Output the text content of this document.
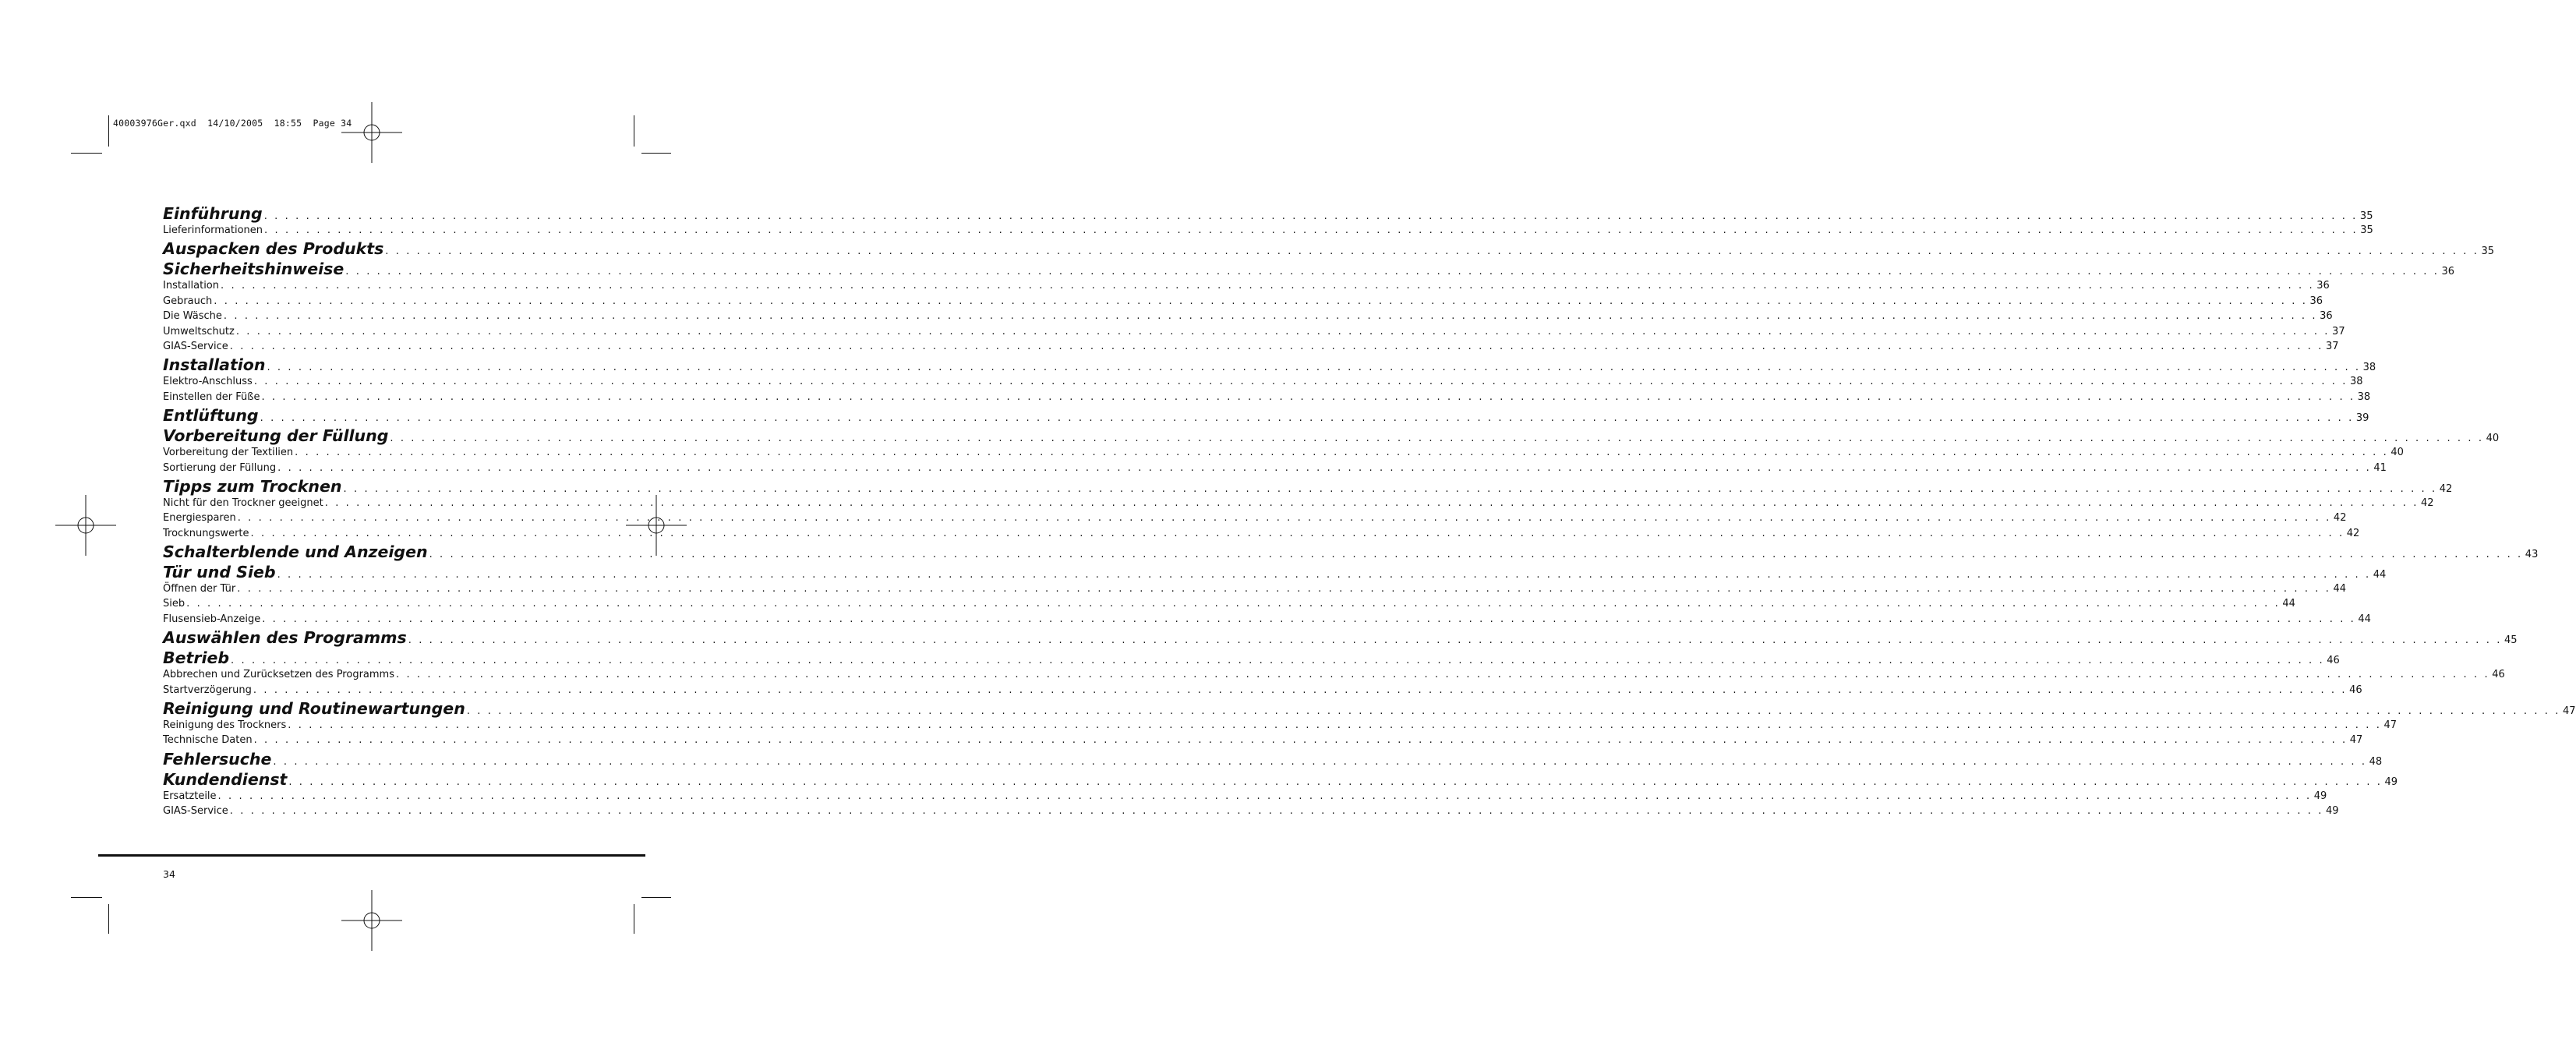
40003976Ger.qxd  14/10/2005  18:55  Page 34
Einführung . . . . . . . . . . . . . . . . . . . . . . . . . . . . . . . . . . . . . . . . . . . . . . . . . . . . . . . . . . . . . . . . . . . . . . . . . . . . . . . . . . . . . . . . . . . . . . . . . . . . . . . . . . . . . . . . . . . . . . . . . . . . . . . . . . . . . . . . . . . . . . . . . . . . . . . . . . . . . . . . . . . . . . . . . . . . . . . . . . . . . . . . . . . . . . . . . . . . . . . . 35
Lieferinformationen . . . . . . . . . . . . . . . . . . . . . . . . . . . . . . . . . . . . . . . . . . . . . . . . . . . . . . . . . . . . . . . . . . . . . . . . . . . . . . . . . . . . . . . . . . . . . . . . . . . . . . . . . . . . . . . . . . . . . . . . . . . . . . . . . . . . . . . . . . . . . . . . . . . . . . . . . . . . . . . . . . . . . . . . . . . . . . . . . . . . . . . . . . . . . . . . . . . . . . . . 35
Auspacken des Produkts . . . . . . . . . . . . . . . . . . . . . . . . . . . . . . . . . . . . . . . . . . . . . . . . . . . . . . . . . . . . . . . . . . . . . . . . . . . . . . . . . . . . . . . . . . . . . . . . . . . . . . . . . . . . . . . . . . . . . . . . . . . . . . . . . . . . . . . . . . . . . . . . . . . . . . . . . . . . . . . . . . . . . . . . . . . . . . . . . . . . . . . . . . . . . . . . . . . . . . . . 35
Sicherheitshinweise . . . . . . . . . . . . . . . . . . . . . . . . . . . . . . . . . . . . . . . . . . . . . . . . . . . . . . . . . . . . . . . . . . . . . . . . . . . . . . . . . . . . . . . . . . . . . . . . . . . . . . . . . . . . . . . . . . . . . . . . . . . . . . . . . . . . . . . . . . . . . . . . . . . . . . . . . . . . . . . . . . . . . . . . . . . . . . . . . . . . . . . . . . . . . . . . . . . . . . . . 36
Installation . . . . . . . . . . . . . . . . . . . . . . . . . . . . . . . . . . . . . . . . . . . . . . . . . . . . . . . . . . . . . . . . . . . . . . . . . . . . . . . . . . . . . . . . . . . . . . . . . . . . . . . . . . . . . . . . . . . . . . . . . . . . . . . . . . . . . . . . . . . . . . . . . . . . . . . . . . . . . . . . . . . . . . . . . . . . . . . . . . . . . . . . . . . . . . . . . . . . . . . . 36
Gebrauch . . . . . . . . . . . . . . . . . . . . . . . . . . . . . . . . . . . . . . . . . . . . . . . . . . . . . . . . . . . . . . . . . . . . . . . . . . . . . . . . . . . . . . . . . . . . . . . . . . . . . . . . . . . . . . . . . . . . . . . . . . . . . . . . . . . . . . . . . . . . . . . . . . . . . . . . . . . . . . . . . . . . . . . . . . . . . . . . . . . . . . . . . . . . . . . . . . . . . . . . 36
Die Wäsche . . . . . . . . . . . . . . . . . . . . . . . . . . . . . . . . . . . . . . . . . . . . . . . . . . . . . . . . . . . . . . . . . . . . . . . . . . . . . . . . . . . . . . . . . . . . . . . . . . . . . . . . . . . . . . . . . . . . . . . . . . . . . . . . . . . . . . . . . . . . . . . . . . . . . . . . . . . . . . . . . . . . . . . . . . . . . . . . . . . . . . . . . . . . . . . . . . . . . . . . 36
Umweltschutz . . . . . . . . . . . . . . . . . . . . . . . . . . . . . . . . . . . . . . . . . . . . . . . . . . . . . . . . . . . . . . . . . . . . . . . . . . . . . . . . . . . . . . . . . . . . . . . . . . . . . . . . . . . . . . . . . . . . . . . . . . . . . . . . . . . . . . . . . . . . . . . . . . . . . . . . . . . . . . . . . . . . . . . . . . . . . . . . . . . . . . . . . . . . . . . . . . . . . . . . 37
GIAS-Service . . . . . . . . . . . . . . . . . . . . . . . . . . . . . . . . . . . . . . . . . . . . . . . . . . . . . . . . . . . . . . . . . . . . . . . . . . . . . . . . . . . . . . . . . . . . . . . . . . . . . . . . . . . . . . . . . . . . . . . . . . . . . . . . . . . . . . . . . . . . . . . . . . . . . . . . . . . . . . . . . . . . . . . . . . . . . . . . . . . . . . . . . . . . . . . . . . . . . . . . 37
Installation . . . . . . . . . . . . . . . . . . . . . . . . . . . . . . . . . . . . . . . . . . . . . . . . . . . . . . . . . . . . . . . . . . . . . . . . . . . . . . . . . . . . . . . . . . . . . . . . . . . . . . . . . . . . . . . . . . . . . . . . . . . . . . . . . . . . . . . . . . . . . . . . . . . . . . . . . . . . . . . . . . . . . . . . . . . . . . . . . . . . . . . . . . . . . . . . . . . . . . . . 38
Elektro-Anschluss . . . . . . . . . . . . . . . . . . . . . . . . . . . . . . . . . . . . . . . . . . . . . . . . . . . . . . . . . . . . . . . . . . . . . . . . . . . . . . . . . . . . . . . . . . . . . . . . . . . . . . . . . . . . . . . . . . . . . . . . . . . . . . . . . . . . . . . . . . . . . . . . . . . . . . . . . . . . . . . . . . . . . . . . . . . . . . . . . . . . . . . . . . . . . . . . . . . . . . . . 38
Einstellen der Füße . . . . . . . . . . . . . . . . . . . . . . . . . . . . . . . . . . . . . . . . . . . . . . . . . . . . . . . . . . . . . . . . . . . . . . . . . . . . . . . . . . . . . . . . . . . . . . . . . . . . . . . . . . . . . . . . . . . . . . . . . . . . . . . . . . . . . . . . . . . . . . . . . . . . . . . . . . . . . . . . . . . . . . . . . . . . . . . . . . . . . . . . . . . . . . . . . . . . . . . . 38
Entlüftung . . . . . . . . . . . . . . . . . . . . . . . . . . . . . . . . . . . . . . . . . . . . . . . . . . . . . . . . . . . . . . . . . . . . . . . . . . . . . . . . . . . . . . . . . . . . . . . . . . . . . . . . . . . . . . . . . . . . . . . . . . . . . . . . . . . . . . . . . . . . . . . . . . . . . . . . . . . . . . . . . . . . . . . . . . . . . . . . . . . . . . . . . . . . . . . . . . . . . . . . 39
Vorbereitung der Füllung . . . . . . . . . . . . . . . . . . . . . . . . . . . . . . . . . . . . . . . . . . . . . . . . . . . . . . . . . . . . . . . . . . . . . . . . . . . . . . . . . . . . . . . . . . . . . . . . . . . . . . . . . . . . . . . . . . . . . . . . . . . . . . . . . . . . . . . . . . . . . . . . . . . . . . . . . . . . . . . . . . . . . . . . . . . . . . . . . . . . . . . . . . . . . . . . . . . . . . . . 40
Vorbereitung der Textilien . . . . . . . . . . . . . . . . . . . . . . . . . . . . . . . . . . . . . . . . . . . . . . . . . . . . . . . . . . . . . . . . . . . . . . . . . . . . . . . . . . . . . . . . . . . . . . . . . . . . . . . . . . . . . . . . . . . . . . . . . . . . . . . . . . . . . . . . . . . . . . . . . . . . . . . . . . . . . . . . . . . . . . . . . . . . . . . . . . . . . . . . . . . . . . . . . . . . . . . . 40
Sortierung der Füllung . . . . . . . . . . . . . . . . . . . . . . . . . . . . . . . . . . . . . . . . . . . . . . . . . . . . . . . . . . . . . . . . . . . . . . . . . . . . . . . . . . . . . . . . . . . . . . . . . . . . . . . . . . . . . . . . . . . . . . . . . . . . . . . . . . . . . . . . . . . . . . . . . . . . . . . . . . . . . . . . . . . . . . . . . . . . . . . . . . . . . . . . . . . . . . . . . . . . . . . . 41
Tipps zum Trocknen . . . . . . . . . . . . . . . . . . . . . . . . . . . . . . . . . . . . . . . . . . . . . . . . . . . . . . . . . . . . . . . . . . . . . . . . . . . . . . . . . . . . . . . . . . . . . . . . . . . . . . . . . . . . . . . . . . . . . . . . . . . . . . . . . . . . . . . . . . . . . . . . . . . . . . . . . . . . . . . . . . . . . . . . . . . . . . . . . . . . . . . . . . . . . . . . . . . . . . . . 42
Nicht für den Trockner geeignet . . . . . . . . . . . . . . . . . . . . . . . . . . . . . . . . . . . . . . . . . . . . . . . . . . . . . . . . . . . . . . . . . . . . . . . . . . . . . . . . . . . . . . . . . . . . . . . . . . . . . . . . . . . . . . . . . . . . . . . . . . . . . . . . . . . . . . . . . . . . . . . . . . . . . . . . . . . . . . . . . . . . . . . . . . . . . . . . . . . . . . . . . . . . . . . . . . . . . . . . 42
Energiesparen . . . . . . . . . . . . . . . . . . . . . . . . . . . . . . . . . . . . . . . . . . . . . . . . . . . . . . . . . . . . . . . . . . . . . . . . . . . . . . . . . . . . . . . . . . . . . . . . . . . . . . . . . . . . . . . . . . . . . . . . . . . . . . . . . . . . . . . . . . . . . . . . . . . . . . . . . . . . . . . . . . . . . . . . . . . . . . . . . . . . . . . . . . . . . . . . . . . . . . . . 42
Trocknungswerte . . . . . . . . . . . . . . . . . . . . . . . . . . . . . . . . . . . . . . . . . . . . . . . . . . . . . . . . . . . . . . . . . . . . . . . . . . . . . . . . . . . . . . . . . . . . . . . . . . . . . . . . . . . . . . . . . . . . . . . . . . . . . . . . . . . . . . . . . . . . . . . . . . . . . . . . . . . . . . . . . . . . . . . . . . . . . . . . . . . . . . . . . . . . . . . . . . . . . . . . 42
Schalterblende und Anzeigen . . . . . . . . . . . . . . . . . . . . . . . . . . . . . . . . . . . . . . . . . . . . . . . . . . . . . . . . . . . . . . . . . . . . . . . . . . . . . . . . . . . . . . . . . . . . . . . . . . . . . . . . . . . . . . . . . . . . . . . . . . . . . . . . . . . . . . . . . . . . . . . . . . . . . . . . . . . . . . . . . . . . . . . . . . . . . . . . . . . . . . . . . . . . . . . . . . . . . . . . 43
Tür und Sieb . . . . . . . . . . . . . . . . . . . . . . . . . . . . . . . . . . . . . . . . . . . . . . . . . . . . . . . . . . . . . . . . . . . . . . . . . . . . . . . . . . . . . . . . . . . . . . . . . . . . . . . . . . . . . . . . . . . . . . . . . . . . . . . . . . . . . . . . . . . . . . . . . . . . . . . . . . . . . . . . . . . . . . . . . . . . . . . . . . . . . . . . . . . . . . . . . . . . . . . . 44
Öffnen der Tür . . . . . . . . . . . . . . . . . . . . . . . . . . . . . . . . . . . . . . . . . . . . . . . . . . . . . . . . . . . . . . . . . . . . . . . . . . . . . . . . . . . . . . . . . . . . . . . . . . . . . . . . . . . . . . . . . . . . . . . . . . . . . . . . . . . . . . . . . . . . . . . . . . . . . . . . . . . . . . . . . . . . . . . . . . . . . . . . . . . . . . . . . . . . . . . . . . . . . . . . 44
Sieb . . . . . . . . . . . . . . . . . . . . . . . . . . . . . . . . . . . . . . . . . . . . . . . . . . . . . . . . . . . . . . . . . . . . . . . . . . . . . . . . . . . . . . . . . . . . . . . . . . . . . . . . . . . . . . . . . . . . . . . . . . . . . . . . . . . . . . . . . . . . . . . . . . . . . . . . . . . . . . . . . . . . . . . . . . . . . . . . . . . . . . . . . . . . . . . . . . . . . . . . 44
Flusensieb-Anzeige . . . . . . . . . . . . . . . . . . . . . . . . . . . . . . . . . . . . . . . . . . . . . . . . . . . . . . . . . . . . . . . . . . . . . . . . . . . . . . . . . . . . . . . . . . . . . . . . . . . . . . . . . . . . . . . . . . . . . . . . . . . . . . . . . . . . . . . . . . . . . . . . . . . . . . . . . . . . . . . . . . . . . . . . . . . . . . . . . . . . . . . . . . . . . . . . . . . . . . . . 44
Auswählen des Programms . . . . . . . . . . . . . . . . . . . . . . . . . . . . . . . . . . . . . . . . . . . . . . . . . . . . . . . . . . . . . . . . . . . . . . . . . . . . . . . . . . . . . . . . . . . . . . . . . . . . . . . . . . . . . . . . . . . . . . . . . . . . . . . . . . . . . . . . . . . . . . . . . . . . . . . . . . . . . . . . . . . . . . . . . . . . . . . . . . . . . . . . . . . . . . . . . . . . . . . . 45
Betrieb . . . . . . . . . . . . . . . . . . . . . . . . . . . . . . . . . . . . . . . . . . . . . . . . . . . . . . . . . . . . . . . . . . . . . . . . . . . . . . . . . . . . . . . . . . . . . . . . . . . . . . . . . . . . . . . . . . . . . . . . . . . . . . . . . . . . . . . . . . . . . . . . . . . . . . . . . . . . . . . . . . . . . . . . . . . . . . . . . . . . . . . . . . . . . . . . . . . . . . . . 46
Abbrechen und Zurücksetzen des Programms . . . . . . . . . . . . . . . . . . . . . . . . . . . . . . . . . . . . . . . . . . . . . . . . . . . . . . . . . . . . . . . . . . . . . . . . . . . . . . . . . . . . . . . . . . . . . . . . . . . . . . . . . . . . . . . . . . . . . . . . . . . . . . . . . . . . . . . . . . . . . . . . . . . . . . . . . . . . . . . . . . . . . . . . . . . . . . . . . . . . . . . . . . . . . . . . . . . . . . . . 46
Startverzögerung . . . . . . . . . . . . . . . . . . . . . . . . . . . . . . . . . . . . . . . . . . . . . . . . . . . . . . . . . . . . . . . . . . . . . . . . . . . . . . . . . . . . . . . . . . . . . . . . . . . . . . . . . . . . . . . . . . . . . . . . . . . . . . . . . . . . . . . . . . . . . . . . . . . . . . . . . . . . . . . . . . . . . . . . . . . . . . . . . . . . . . . . . . . . . . . . . . . . . . . . 46
Reinigung und Routinewartungen . . . . . . . . . . . . . . . . . . . . . . . . . . . . . . . . . . . . . . . . . . . . . . . . . . . . . . . . . . . . . . . . . . . . . . . . . . . . . . . . . . . . . . . . . . . . . . . . . . . . . . . . . . . . . . . . . . . . . . . . . . . . . . . . . . . . . . . . . . . . . . . . . . . . . . . . . . . . . . . . . . . . . . . . . . . . . . . . . . . . . . . . . . . . . . . . . . . . . . . . 47
Reinigung des Trockners . . . . . . . . . . . . . . . . . . . . . . . . . . . . . . . . . . . . . . . . . . . . . . . . . . . . . . . . . . . . . . . . . . . . . . . . . . . . . . . . . . . . . . . . . . . . . . . . . . . . . . . . . . . . . . . . . . . . . . . . . . . . . . . . . . . . . . . . . . . . . . . . . . . . . . . . . . . . . . . . . . . . . . . . . . . . . . . . . . . . . . . . . . . . . . . . . . . . . . . . 47
Technische Daten . . . . . . . . . . . . . . . . . . . . . . . . . . . . . . . . . . . . . . . . . . . . . . . . . . . . . . . . . . . . . . . . . . . . . . . . . . . . . . . . . . . . . . . . . . . . . . . . . . . . . . . . . . . . . . . . . . . . . . . . . . . . . . . . . . . . . . . . . . . . . . . . . . . . . . . . . . . . . . . . . . . . . . . . . . . . . . . . . . . . . . . . . . . . . . . . . . . . . . . . 47
Fehlersuche . . . . . . . . . . . . . . . . . . . . . . . . . . . . . . . . . . . . . . . . . . . . . . . . . . . . . . . . . . . . . . . . . . . . . . . . . . . . . . . . . . . . . . . . . . . . . . . . . . . . . . . . . . . . . . . . . . . . . . . . . . . . . . . . . . . . . . . . . . . . . . . . . . . . . . . . . . . . . . . . . . . . . . . . . . . . . . . . . . . . . . . . . . . . . . . . . . . . . . . . 48
Kundendienst . . . . . . . . . . . . . . . . . . . . . . . . . . . . . . . . . . . . . . . . . . . . . . . . . . . . . . . . . . . . . . . . . . . . . . . . . . . . . . . . . . . . . . . . . . . . . . . . . . . . . . . . . . . . . . . . . . . . . . . . . . . . . . . . . . . . . . . . . . . . . . . . . . . . . . . . . . . . . . . . . . . . . . . . . . . . . . . . . . . . . . . . . . . . . . . . . . . . . . . . 49
Ersatzteile . . . . . . . . . . . . . . . . . . . . . . . . . . . . . . . . . . . . . . . . . . . . . . . . . . . . . . . . . . . . . . . . . . . . . . . . . . . . . . . . . . . . . . . . . . . . . . . . . . . . . . . . . . . . . . . . . . . . . . . . . . . . . . . . . . . . . . . . . . . . . . . . . . . . . . . . . . . . . . . . . . . . . . . . . . . . . . . . . . . . . . . . . . . . . . . . . . . . . . . . 49
GIAS-Service . . . . . . . . . . . . . . . . . . . . . . . . . . . . . . . . . . . . . . . . . . . . . . . . . . . . . . . . . . . . . . . . . . . . . . . . . . . . . . . . . . . . . . . . . . . . . . . . . . . . . . . . . . . . . . . . . . . . . . . . . . . . . . . . . . . . . . . . . . . . . . . . . . . . . . . . . . . . . . . . . . . . . . . . . . . . . . . . . . . . . . . . . . . . . . . . . . . . . . . . 49
34
